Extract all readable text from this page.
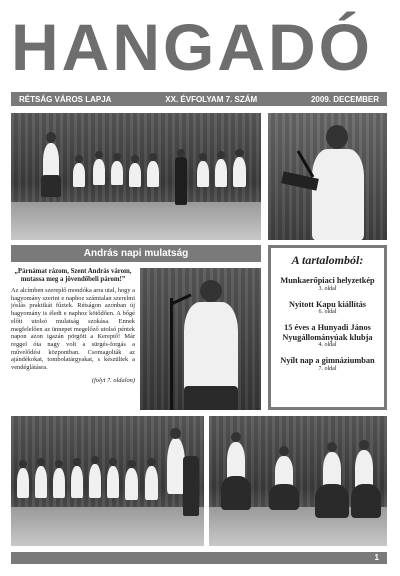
HANGADÓ
RÉTSÁG VÁROS LAPJA	XX. ÉVFOLYAM 7. SZÁM	2009. DECEMBER
András napi mulatság
„Párnámat rázom, Szent András várom, mutassa meg a jövendőbeli párom!”
Az alcímben szereplő mondóka arra utal, hogy a hagyomány szerint e naphoz számtalan szerelmi jóslás praktikát fűztek. Rétságon azonban új hagyomány is éledt e naphoz kötődően. A bőgé előtt utolsó mulatság szokása. Ennek megfelelően az ünnepet megelőző utolsó péntek napon azon igazán pörgött a Kereptő! Már reggel óta nagy volt a sürgés-forgás a művelődési központban. Csomagolták az ajándékokat, tombolatárgyakat, s készültek a vendéglátásra.
(folyt 7. oldalon)
A tartalomból:
Munkaerőpiaci helyzetkép
3. oldal
Nyitott Kapu kiállítás
6. oldal
15 éves a Hunyadi János Nyugállományúak klubja
4. oldal
Nyílt nap a gimnáziumban
7. oldal
1
